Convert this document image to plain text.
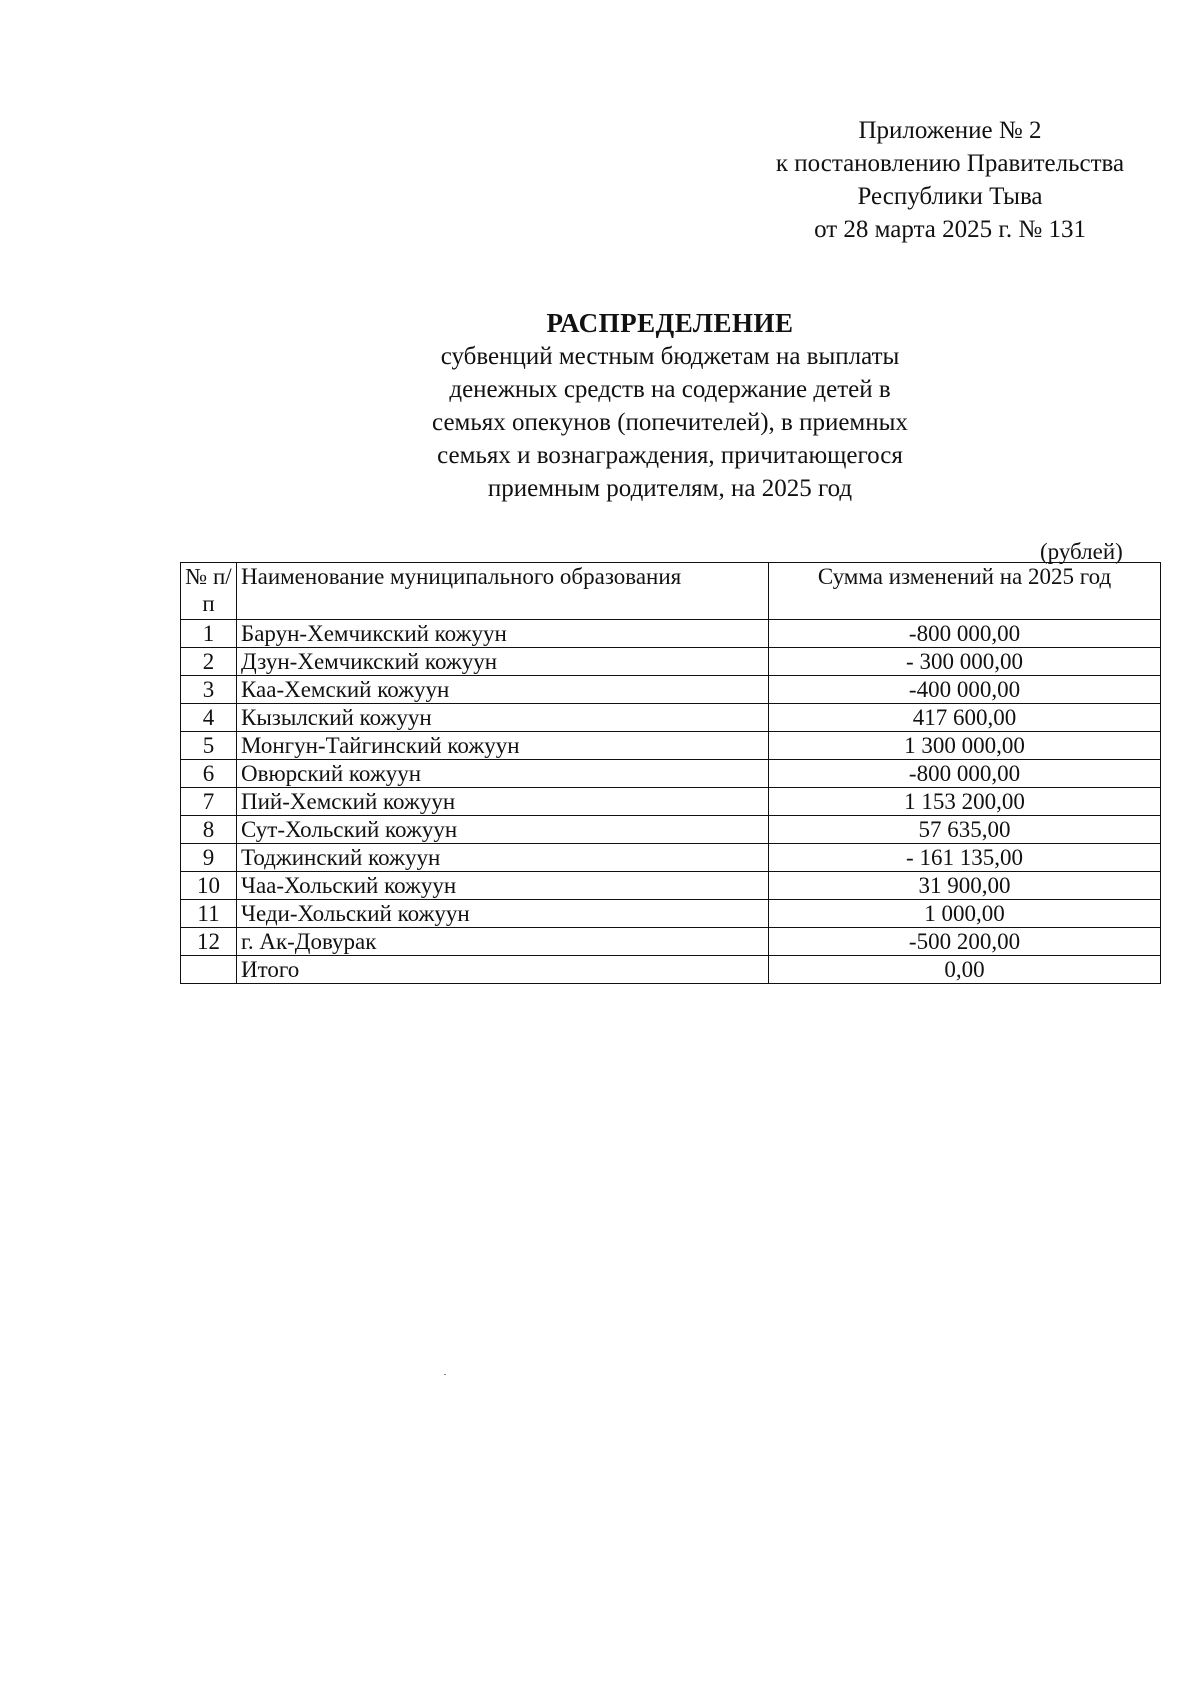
Приложение № 2
к постановлению Правительства
Республики Тыва
от 28 марта 2025 г. № 131
РАСПРЕДЕЛЕНИЕ
субвенций местным бюджетам на выплаты
денежных средств на содержание детей в
семьях опекунов (попечителей), в приемных
семьях и вознаграждения, причитающегося
приемным родителям, на 2025 год
(рублей)
№ п/п	Наименование муниципального образования	Сумма изменений на 2025 год
1	Барун-Хемчикский кожуун	-800 000,00
2	Дзун-Хемчикский кожуун	- 300 000,00
3	Каа-Хемский кожуун	-400 000,00
4	Кызылский кожуун	417 600,00
5	Монгун-Тайгинский кожуун	1 300 000,00
6	Овюрский кожуун	-800 000,00
7	Пий-Хемский кожуун	1 153 200,00
8	Сут-Хольский кожуун	57 635,00
9	Тоджинский кожуун	- 161 135,00
10	Чаа-Хольский кожуун	31 900,00
11	Чеди-Хольский кожуун	1 000,00
12	г. Ак-Довурак	-500 200,00
	Итого	0,00
